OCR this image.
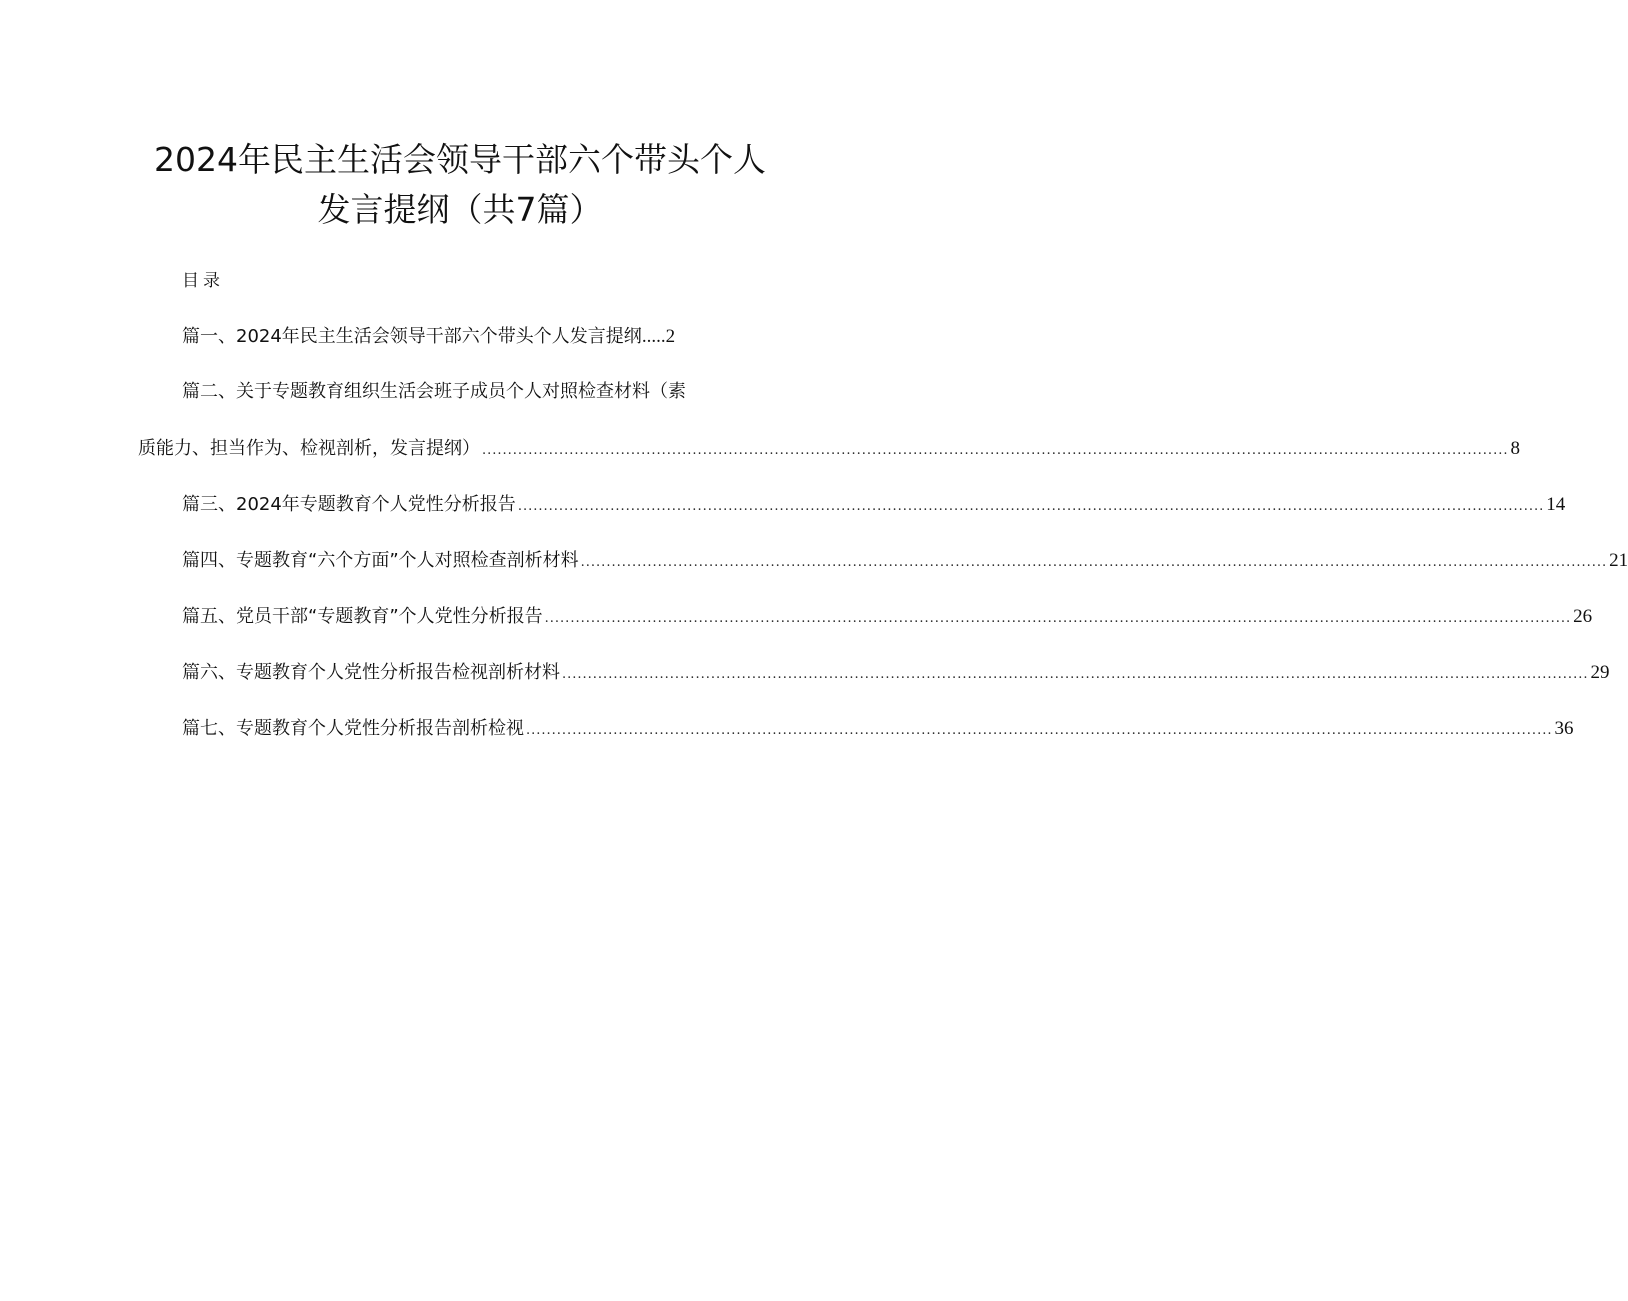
2024年民主生活会领导干部六个带头个人
发言提纲（共7篇）
目录
篇一、2024年民主生活会领导干部六个带头个人发言提纲 ..... 2
篇二、关于专题教育组织生活会班子成员个人对照检查材料（素
质能力、担当作为、检视剖析，发言提纲） ........................................................................................................................................................................................................ 8
篇三、2024年专题教育个人党性分析报告 ........................................................................................................................................................................................................ 14
篇四、专题教育“六个方面”个人对照检查剖析材料 ........................................................................................................................................................................................................ 21
篇五、党员干部“专题教育”个人党性分析报告 ........................................................................................................................................................................................................ 26
篇六、专题教育个人党性分析报告检视剖析材料 ........................................................................................................................................................................................................ 29
篇七、专题教育个人党性分析报告剖析检视 ........................................................................................................................................................................................................ 36
